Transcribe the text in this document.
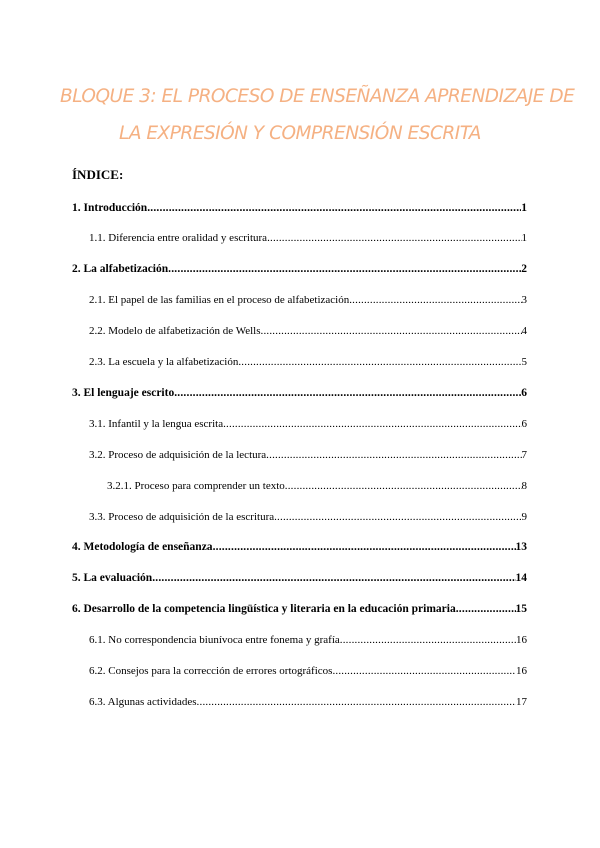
BLOQUE 3: EL PROCESO DE ENSEÑANZA APRENDIZAJE DE
LA EXPRESIÓN Y COMPRENSIÓN ESCRITA
ÍNDICE:
1. Introducción .....	1
1.1. Diferencia entre oralidad y escritura .....	1
2. La alfabetización .....	2
2.1. El papel de las familias en el proceso de alfabetización .....	3
2.2. Modelo de alfabetización de Wells .....	4
2.3. La escuela y la alfabetización .....	5
3. El lenguaje escrito .....	6
3.1. Infantil y la lengua escrita .....	6
3.2. Proceso de adquisición de la lectura .....	7
3.2.1. Proceso para comprender un texto .....	8
3.3. Proceso de adquisición de la escritura .....	9
4. Metodología de enseñanza .....	13
5. La evaluación .....	14
6. Desarrollo de la competencia lingüística y literaria en la educación primaria .....	15
6.1. No correspondencia biunívoca entre fonema y grafía .....	16
6.2. Consejos para la corrección de errores ortográficos .....	16
6.3. Algunas actividades .....	17
